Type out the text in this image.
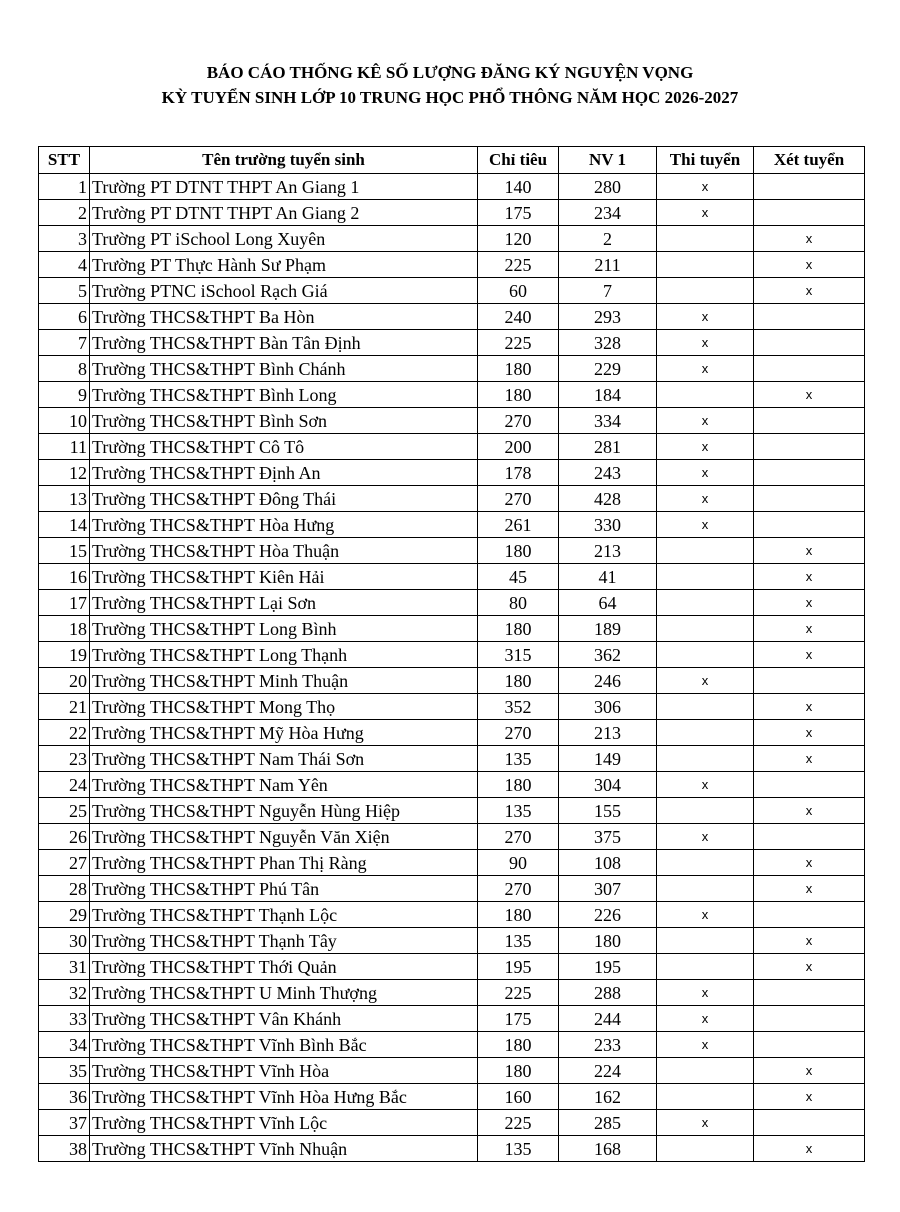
BÁO CÁO THỐNG KÊ SỐ LƯỢNG ĐĂNG KÝ NGUYỆN VỌNG
KỲ TUYỂN SINH LỚP 10 TRUNG HỌC PHỔ THÔNG NĂM HỌC 2026-2027
STT	Tên trường tuyển sinh	Chỉ tiêu	NV 1	Thi tuyển	Xét tuyển
1	Trường PT DTNT THPT An Giang 1	140	280	x	
2	Trường PT DTNT THPT An Giang 2	175	234	x	
3	Trường PT iSchool Long Xuyên	120	2		x
4	Trường PT Thực Hành Sư Phạm	225	211		x
5	Trường PTNC iSchool Rạch Giá	60	7		x
6	Trường THCS&THPT Ba Hòn	240	293	x	
7	Trường THCS&THPT Bàn Tân Định	225	328	x	
8	Trường THCS&THPT Bình Chánh	180	229	x	
9	Trường THCS&THPT Bình Long	180	184		x
10	Trường THCS&THPT Bình Sơn	270	334	x	
11	Trường THCS&THPT Cô Tô	200	281	x	
12	Trường THCS&THPT Định An	178	243	x	
13	Trường THCS&THPT Đông Thái	270	428	x	
14	Trường THCS&THPT Hòa Hưng	261	330	x	
15	Trường THCS&THPT Hòa Thuận	180	213		x
16	Trường THCS&THPT Kiên Hải	45	41		x
17	Trường THCS&THPT Lại Sơn	80	64		x
18	Trường THCS&THPT Long Bình	180	189		x
19	Trường THCS&THPT Long Thạnh	315	362		x
20	Trường THCS&THPT Minh Thuận	180	246	x	
21	Trường THCS&THPT Mong Thọ	352	306		x
22	Trường THCS&THPT Mỹ Hòa Hưng	270	213		x
23	Trường THCS&THPT Nam Thái Sơn	135	149		x
24	Trường THCS&THPT Nam Yên	180	304	x	
25	Trường THCS&THPT Nguyễn Hùng Hiệp	135	155		x
26	Trường THCS&THPT Nguyễn Văn Xiện	270	375	x	
27	Trường THCS&THPT Phan Thị Ràng	90	108		x
28	Trường THCS&THPT Phú Tân	270	307		x
29	Trường THCS&THPT Thạnh Lộc	180	226	x	
30	Trường THCS&THPT Thạnh Tây	135	180		x
31	Trường THCS&THPT Thới Quản	195	195		x
32	Trường THCS&THPT U Minh Thượng	225	288	x	
33	Trường THCS&THPT Vân Khánh	175	244	x	
34	Trường THCS&THPT Vĩnh Bình Bắc	180	233	x	
35	Trường THCS&THPT Vĩnh Hòa	180	224		x
36	Trường THCS&THPT Vĩnh Hòa Hưng Bắc	160	162		x
37	Trường THCS&THPT Vĩnh Lộc	225	285	x	
38	Trường THCS&THPT Vĩnh Nhuận	135	168		x
